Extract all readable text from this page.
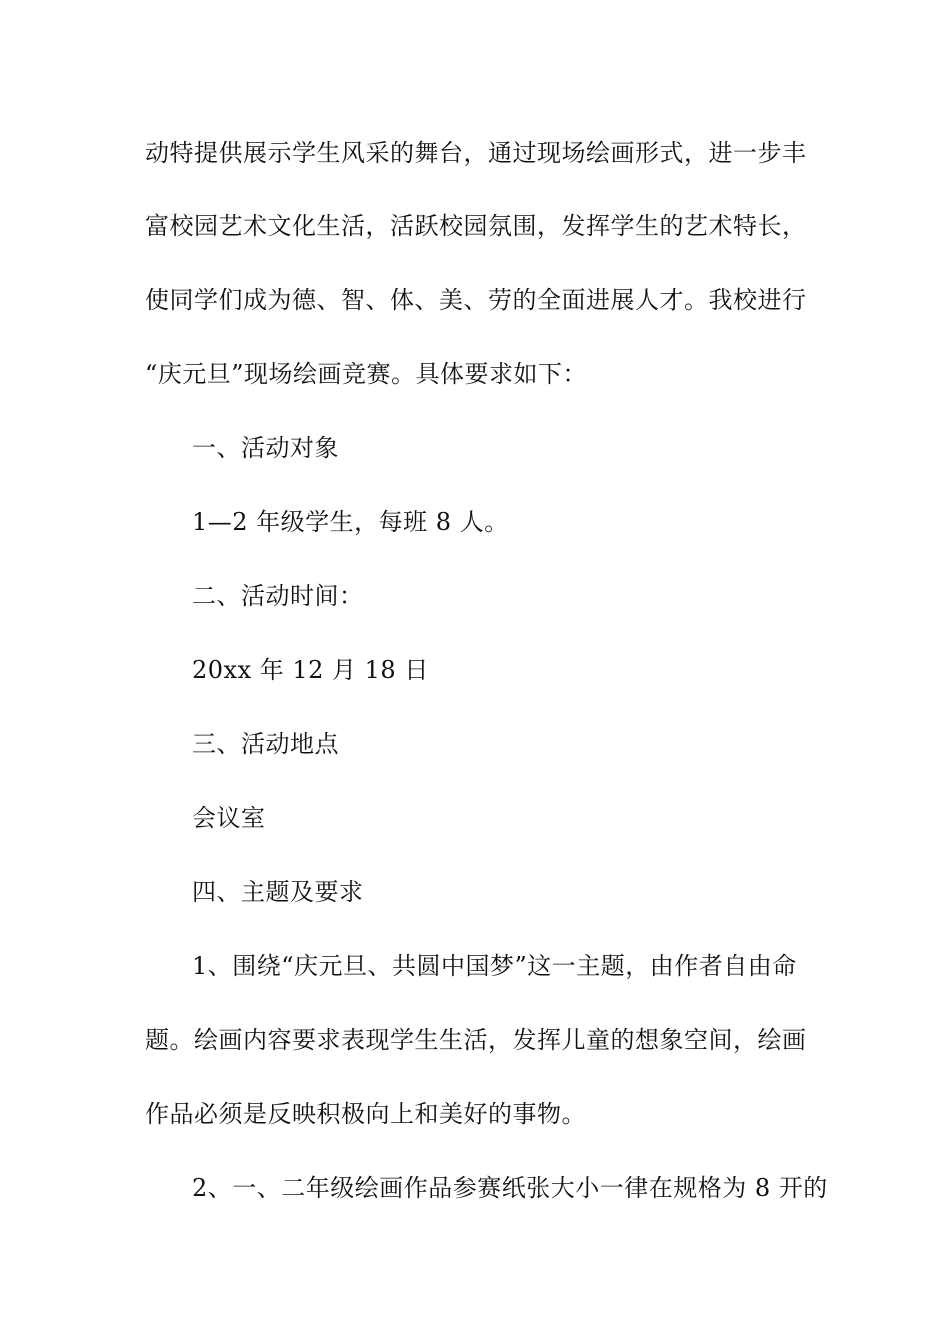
动特提供展示学生风采的舞台，通过现场绘画形式，进一步丰
富校园艺术文化生活，活跃校园氛围，发挥学生的艺术特长，
使同学们成为德、智、体、美、劳的全面进展人才。我校进行
“庆元旦”现场绘画竞赛。具体要求如下：
一、活动对象
1—2 年级学生，每班 8 人。
二、活动时间：
20xx 年 12 月 18 日
三、活动地点
会议室
四、主题及要求
1、围绕“庆元旦、共圆中国梦”这一主题，由作者自由命
题。绘画内容要求表现学生生活，发挥儿童的想象空间，绘画
作品必须是反映积极向上和美好的事物。
2、一、二年级绘画作品参赛纸张大小一律在规格为 8 开的
